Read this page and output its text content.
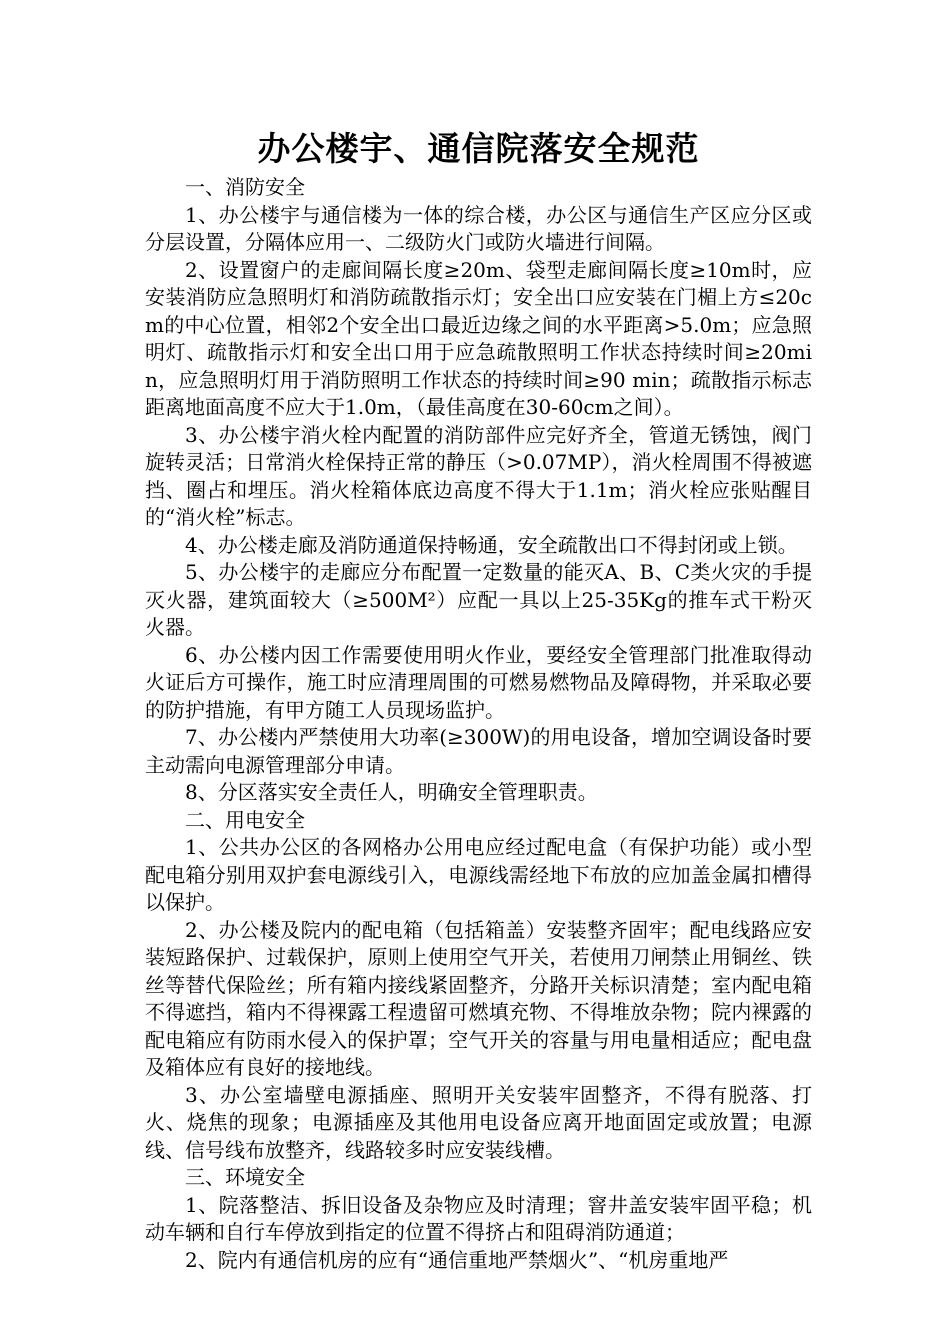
办公楼宇、通信院落安全规范

一、消防安全

1、办公楼宇与通信楼为一体的综合楼，办公区与通信生产区应分区或分层设置，分隔体应用一、二级防火门或防火墙进行间隔。

2、设置窗户的走廊间隔长度≥20m、袋型走廊间隔长度≥10m时，应安装消防应急照明灯和消防疏散指示灯；安全出口应安装在门楣上方≤20cm的中心位置，相邻2个安全出口最近边缘之间的水平距离>5.0m；应急照明灯、疏散指示灯和安全出口用于应急疏散照明工作状态持续时间≥20min，应急照明灯用于消防照明工作状态的持续时间≥90 min；疏散指示标志距离地面高度不应大于1.0m，（最佳高度在30-60cm之间）。

3、办公楼宇消火栓内配置的消防部件应完好齐全，管道无锈蚀，阀门旋转灵活；日常消火栓保持正常的静压（>0.07MP），消火栓周围不得被遮挡、圈占和埋压。消火栓箱体底边高度不得大于1.1m；消火栓应张贴醒目的“消火栓”标志。

4、办公楼走廊及消防通道保持畅通，安全疏散出口不得封闭或上锁。

5、办公楼宇的走廊应分布配置一定数量的能灭A、B、C类火灾的手提灭火器，建筑面较大（≥500M²）应配一具以上25-35Kg的推车式干粉灭火器。

6、办公楼内因工作需要使用明火作业，要经安全管理部门批准取得动火证后方可操作，施工时应清理周围的可燃易燃物品及障碍物，并采取必要的防护措施，有甲方随工人员现场监护。

7、办公楼内严禁使用大功率(≥300W)的用电设备，增加空调设备时要主动需向电源管理部分申请。

8、分区落实安全责任人，明确安全管理职责。

二、用电安全

1、公共办公区的各网格办公用电应经过配电盒（有保护功能）或小型配电箱分别用双护套电源线引入，电源线需经地下布放的应加盖金属扣槽得以保护。

2、办公楼及院内的配电箱（包括箱盖）安装整齐固牢；配电线路应安装短路保护、过载保护，原则上使用空气开关，若使用刀闸禁止用铜丝、铁丝等替代保险丝；所有箱内接线紧固整齐，分路开关标识清楚；室内配电箱不得遮挡，箱内不得裸露工程遗留可燃填充物、不得堆放杂物；院内裸露的配电箱应有防雨水侵入的保护罩；空气开关的容量与用电量相适应；配电盘及箱体应有良好的接地线。

3、办公室墙壁电源插座、照明开关安装牢固整齐，不得有脱落、打火、烧焦的现象；电源插座及其他用电设备应离开地面固定或放置；电源线、信号线布放整齐，线路较多时应安装线槽。

三、环境安全

1、院落整洁、拆旧设备及杂物应及时清理；窨井盖安装牢固平稳；机动车辆和自行车停放到指定的位置不得挤占和阻碍消防通道；

2、院内有通信机房的应有“通信重地严禁烟火”、“机房重地严
